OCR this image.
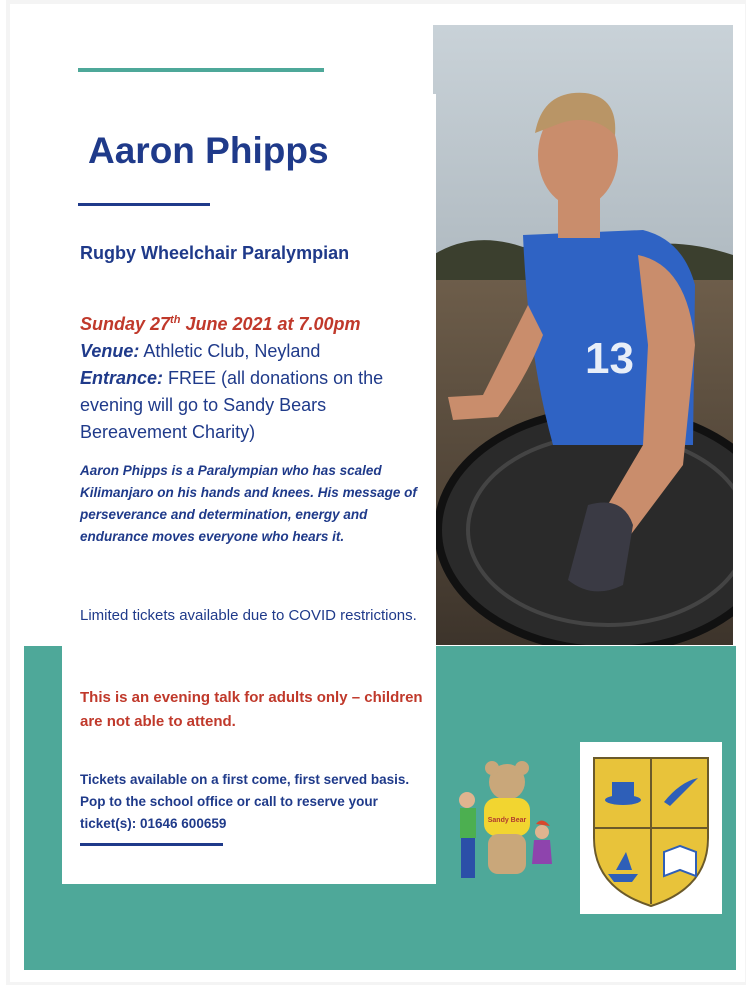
13
Aaron Phipps

Rugby Wheelchair Paralympian

Sunday 27th June 2021 at 7.00pm
Venue: Athletic Club, Neyland
Entrance: FREE (all donations on the evening will go to Sandy Bears Bereavement Charity)

Aaron Phipps is a Paralympian who has scaled Kilimanjaro on his hands and knees. His message of perseverance and determination, energy and endurance moves everyone who hears it.

Limited tickets available due to COVID restrictions.

This is an evening talk for adults only – children are not able to attend.

Tickets available on a first come, first served basis. Pop to the school office or call to reserve your ticket(s): 01646 600659	Sandy Bear
